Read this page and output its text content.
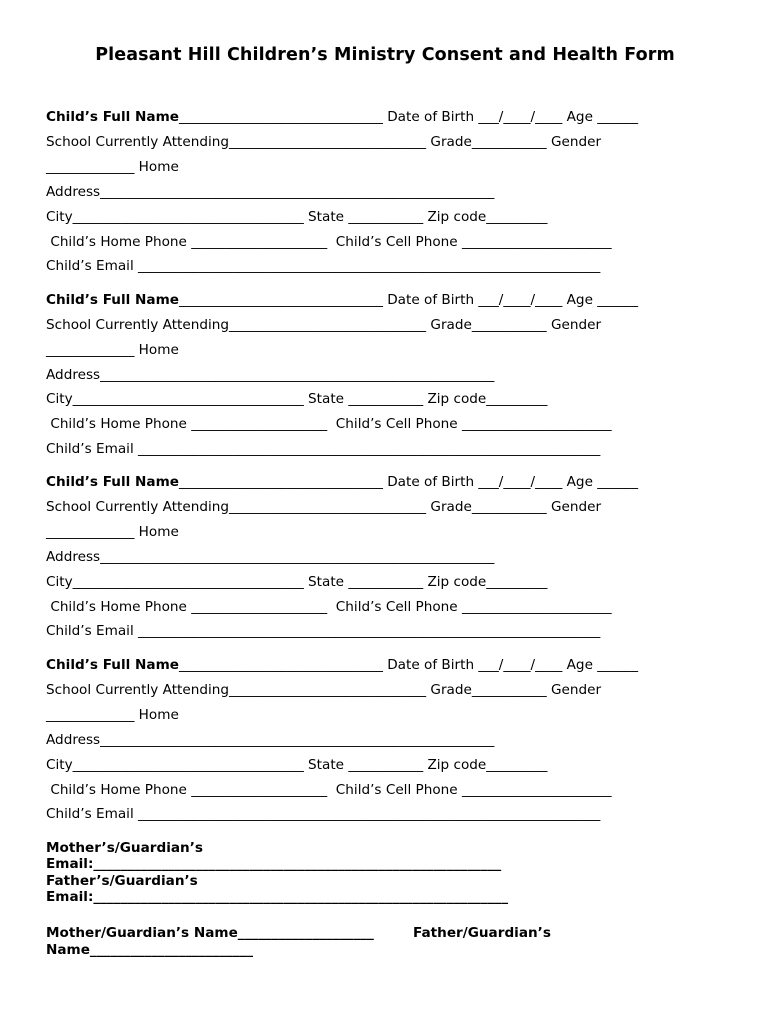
Pleasant Hill Children’s Ministry Consent and Health Form
Child’s Full Name______________________________ Date of Birth ___/____/____ Age ______
School Currently Attending_____________________________ Grade___________ Gender
_____________ Home
Address__________________________________________________________
City__________________________________ State ___________ Zip code_________
Child’s Home Phone ____________________  Child’s Cell Phone ______________________
Child’s Email ____________________________________________________________________
Child’s Full Name______________________________ Date of Birth ___/____/____ Age ______
School Currently Attending_____________________________ Grade___________ Gender
_____________ Home
Address__________________________________________________________
City__________________________________ State ___________ Zip code_________
Child’s Home Phone ____________________  Child’s Cell Phone ______________________
Child’s Email ____________________________________________________________________
Child’s Full Name______________________________ Date of Birth ___/____/____ Age ______
School Currently Attending_____________________________ Grade___________ Gender
_____________ Home
Address__________________________________________________________
City__________________________________ State ___________ Zip code_________
Child’s Home Phone ____________________  Child’s Cell Phone ______________________
Child’s Email ____________________________________________________________________
Child’s Full Name______________________________ Date of Birth ___/____/____ Age ______
School Currently Attending_____________________________ Grade___________ Gender
_____________ Home
Address__________________________________________________________
City__________________________________ State ___________ Zip code_________
Child’s Home Phone ____________________  Child’s Cell Phone ______________________
Child’s Email ____________________________________________________________________
Mother’s/Guardian’s
Email:____________________________________________________________
Father’s/Guardian’s
Email:_____________________________________________________________
Mother/Guardian’s Name____________________	Father/Guardian’s
Name________________________
